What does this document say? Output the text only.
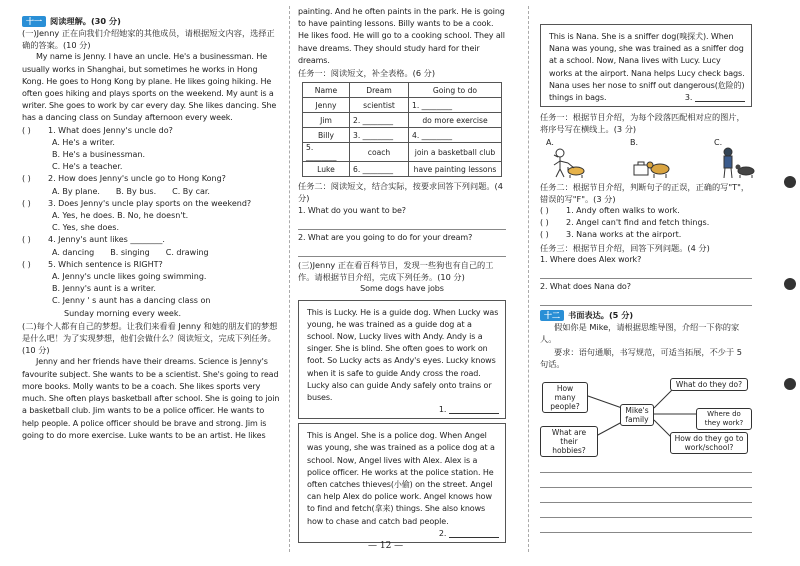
十一 阅读理解。(30 分)

(一)Jenny 正在向我们介绍她家的其他成员，请根据短文内容，选择正确的答案。(10 分)

My name is Jenny. I have an uncle. He's a businessman. He usually works in Shanghai, but sometimes he works in Hong Kong. He goes to Hong Kong by plane. He likes going hiking. He often goes hiking and plays sports on the weekend. My aunt is a writer. She goes to work by car every day. She likes dancing. She has a dancing class on Sunday afternoon every week.

( )	1. What does Jenny's uncle do?
A. He's a writer.
B. He's a businessman.
C. He's a teacher.
( )	2. How does Jenny's uncle go to Hong Kong?
A. By plane. B. By bus. C. By car.
( )	3. Does Jenny's uncle play sports on the weekend?
A. Yes, he does. B. No, he doesn't.
C. Yes, she does.
( )	4. Jenny's aunt likes ________.
A. dancing B. singing C. drawing
( )	5. Which sentence is RIGHT?
A. Jenny's uncle likes going swimming.
B. Jenny's aunt is a writer.
C. Jenny ' s aunt has a dancing class on
Sunday morning every week.

(二)每个人都有自己的梦想。让我们来看看 Jenny 和她的朋友们的梦想是什么吧！为了实现梦想，他们会做什么？阅读短文，完成下列任务。(10 分)

Jenny and her friends have their dreams. Science is Jenny's favourite subject. She wants to be a scientist. She's going to read more books. Molly wants to be a coach. She likes sports very much. She often plays basketball after school. She is going to join a basketball club. Jim wants to be a police officer. He wants to help people. A police officer should be brave and strong. Jim is going to do more exercise. Luke wants to be an artist. He likes

painting. And he often paints in the park. He is going to have painting lessons. Billy wants to be a cook. He likes food. He will go to a cooking school. They all have dreams. They should study hard for their dreams.

任务一：阅读短文，补全表格。(6 分)

Name	Dream	Going to do
Jenny	scientist	1. ________
Jim	2. ________	do more exercise
Billy	3. ________	4. ________
5. ________	coach	join a basketball club
Luke	6. ________	have painting lessons

任务二：阅读短文，结合实际，按要求回答下列问题。(4 分)

1. What do you want to be?

2. What are you going to do for your dream?

(三)Jenny 正在看百科节目，发现一些狗也有自己的工作。请根据节目介绍，完成下列任务。(10 分)

Some dogs have jobs

This is Lucky. He is a guide dog. When Lucky was young, he was trained as a guide dog at a school. Now, Lucky lives with Andy. Andy is a singer. She is blind. She often goes to work on foot. So Lucky acts as Andy's eyes. Lucky knows when it is safe to guide Andy cross the road. Lucky also can guide Andy safely onto trains or buses.

1.

This is Angel. She is a police dog. When Angel was young, she was trained as a police dog at a school. Now, Angel lives with Alex. Alex is a police officer. He works at the police station. He often catches thieves(小偷) on the street. Angel can help Alex do police work. Angel knows how to find and fetch(拿来) things. She also knows how to chase and catch bad people.

2.
— 12 —

This is Nana. She is a sniffer dog(嗅探犬). When Nana was young, she was trained as a sniffer dog at a school. Now, Nana lives with Lucy. Lucy works at the airport. Nana helps Lucy check bags. Nana uses her nose to sniff out dangerous(危险的) things in bags.	3.

任务一：根据节目介绍，为每个段落匹配相对应的图片，将序号写在横线上。(3 分)

A.	B.	C.

任务二：根据节目介绍，判断句子的正误，正确的写"T"，错误的写"F"。(3 分)

( )	1. Andy often walks to work.
( )	2. Angel can't find and fetch things.
( )	3. Nana works at the airport.

任务三：根据节目介绍，回答下列问题。(4 分)

1. Where does Alex work?

2. What does Nana do?

十二 书面表达。(5 分)

假如你是 Mike，请根据思维导图，介绍一下你的家人。

要求：语句通顺，书写规范，可适当拓展，不少于 5 句话。

How many people?
What are their hobbies?
Mike's family
What do they do?
Where do they work?
How do they go to work/school?
